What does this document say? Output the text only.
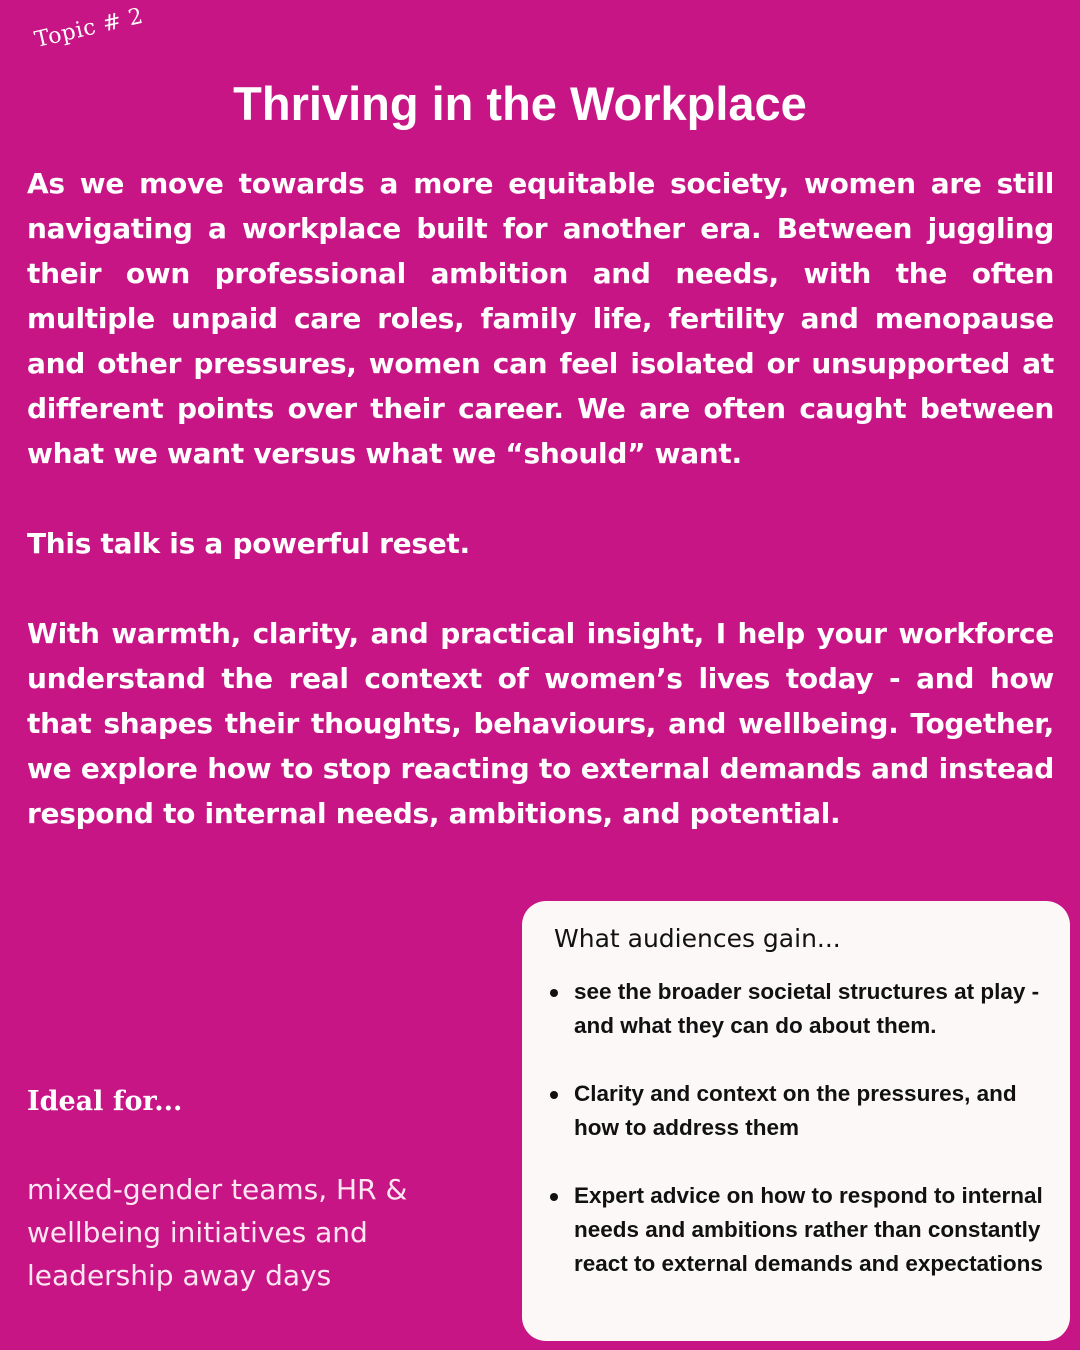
Topic # 2
Thriving in the Workplace

As we move towards a more equitable society, women are still navigating a workplace built for another era. Between juggling their own professional ambition and needs, with the often multiple unpaid care roles, family life, fertility and menopause and other pressures, women can feel isolated or unsupported at different points over their career. We are often caught between what we want versus what we “should” want.

This talk is a powerful reset.

With warmth, clarity, and practical insight, I help your workforce understand the real context of women’s lives today - and how that shapes their thoughts, behaviours, and wellbeing. Together, we explore how to stop reacting to external demands and instead respond to internal needs, ambitions, and potential.

Ideal for...
mixed-gender teams, HR & wellbeing initiatives and leadership away days
What audiences gain...
see the broader societal structures at play - and what they can do about them.
Clarity and context on the pressures, and how to address them
Expert advice on how to respond to internal needs and ambitions rather than constantly react to external demands and expectations
